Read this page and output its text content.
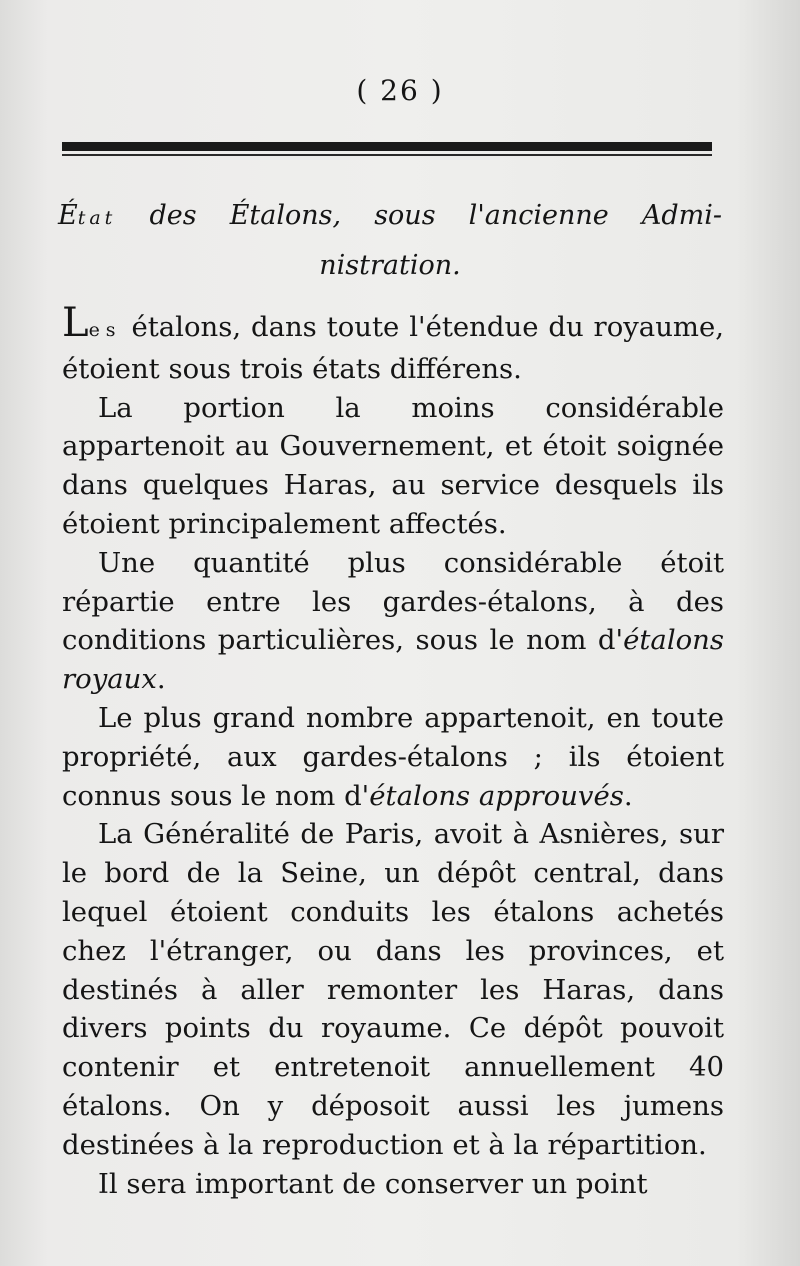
( 26 )
État des Étalons, sous l'ancienne Admi-
nistration.

Les étalons, dans toute l'étendue du royaume, étoient sous trois états différens.

La portion la moins considérable appartenoit au Gouvernement, et étoit soignée dans quelques Haras, au service desquels ils étoient principalement affectés.

Une quantité plus considérable étoit répartie entre les gardes-étalons, à des conditions particulières, sous le nom d'étalons royaux.

Le plus grand nombre appartenoit, en toute propriété, aux gardes-étalons ; ils étoient connus sous le nom d'étalons approuvés.

La Généralité de Paris, avoit à Asnières, sur le bord de la Seine, un dépôt central, dans lequel étoient conduits les étalons achetés chez l'étranger, ou dans les provinces, et destinés à aller remonter les Haras, dans divers points du royaume. Ce dépôt pouvoit contenir et entretenoit annuellement 40 étalons. On y déposoit aussi les jumens destinées à la reproduction et à la répartition.

Il sera important de conserver un point
